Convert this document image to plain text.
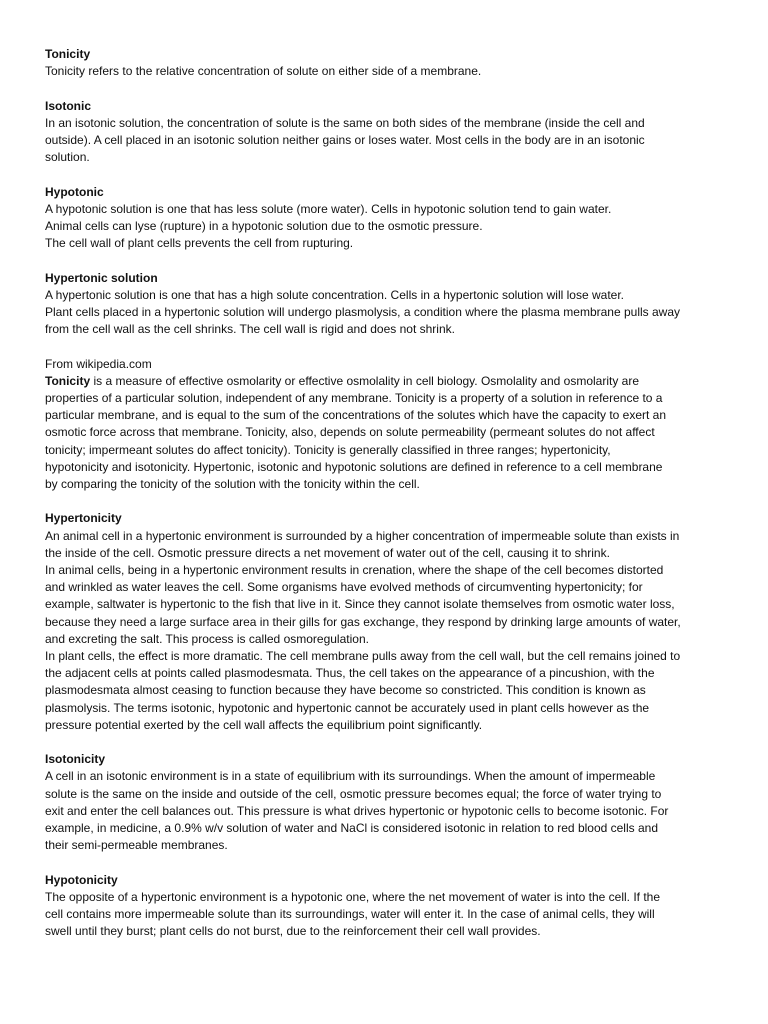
Tonicity
Tonicity refers to the relative concentration of solute on either side of a membrane.
Isotonic
In an isotonic solution, the concentration of solute is the same on both sides of the membrane (inside the cell and
outside). A cell placed in an isotonic solution neither gains or loses water. Most cells in the body are in an isotonic
solution.
Hypotonic
A hypotonic solution is one that has less solute (more water). Cells in hypotonic solution tend to gain water.
Animal cells can lyse (rupture) in a hypotonic solution due to the osmotic pressure.
The cell wall of plant cells prevents the cell from rupturing.
Hypertonic solution
A hypertonic solution is one that has a high solute concentration. Cells in a hypertonic solution will lose water.
Plant cells placed in a hypertonic solution will undergo plasmolysis, a condition where the plasma membrane pulls away
from the cell wall as the cell shrinks. The cell wall is rigid and does not shrink.
From wikipedia.com
Tonicity is a measure of effective osmolarity or effective osmolality in cell biology. Osmolality and osmolarity are
properties of a particular solution, independent of any membrane. Tonicity is a property of a solution in reference to a
particular membrane, and is equal to the sum of the concentrations of the solutes which have the capacity to exert an
osmotic force across that membrane. Tonicity, also, depends on solute permeability (permeant solutes do not affect
tonicity; impermeant solutes do affect tonicity). Tonicity is generally classified in three ranges; hypertonicity,
hypotonicity and isotonicity. Hypertonic, isotonic and hypotonic solutions are defined in reference to a cell membrane
by comparing the tonicity of the solution with the tonicity within the cell.
Hypertonicity
An animal cell in a hypertonic environment is surrounded by a higher concentration of impermeable solute than exists in
the inside of the cell. Osmotic pressure directs a net movement of water out of the cell, causing it to shrink.
In animal cells, being in a hypertonic environment results in crenation, where the shape of the cell becomes distorted
and wrinkled as water leaves the cell. Some organisms have evolved methods of circumventing hypertonicity; for
example, saltwater is hypertonic to the fish that live in it. Since they cannot isolate themselves from osmotic water loss,
because they need a large surface area in their gills for gas exchange, they respond by drinking large amounts of water,
and excreting the salt. This process is called osmoregulation.
In plant cells, the effect is more dramatic. The cell membrane pulls away from the cell wall, but the cell remains joined to
the adjacent cells at points called plasmodesmata. Thus, the cell takes on the appearance of a pincushion, with the
plasmodesmata almost ceasing to function because they have become so constricted. This condition is known as
plasmolysis. The terms isotonic, hypotonic and hypertonic cannot be accurately used in plant cells however as the
pressure potential exerted by the cell wall affects the equilibrium point significantly.
Isotonicity
A cell in an isotonic environment is in a state of equilibrium with its surroundings. When the amount of impermeable
solute is the same on the inside and outside of the cell, osmotic pressure becomes equal; the force of water trying to
exit and enter the cell balances out. This pressure is what drives hypertonic or hypotonic cells to become isotonic. For
example, in medicine, a 0.9% w/v solution of water and NaCl is considered isotonic in relation to red blood cells and
their semi-permeable membranes.
Hypotonicity
The opposite of a hypertonic environment is a hypotonic one, where the net movement of water is into the cell. If the
cell contains more impermeable solute than its surroundings, water will enter it. In the case of animal cells, they will
swell until they burst; plant cells do not burst, due to the reinforcement their cell wall provides.
